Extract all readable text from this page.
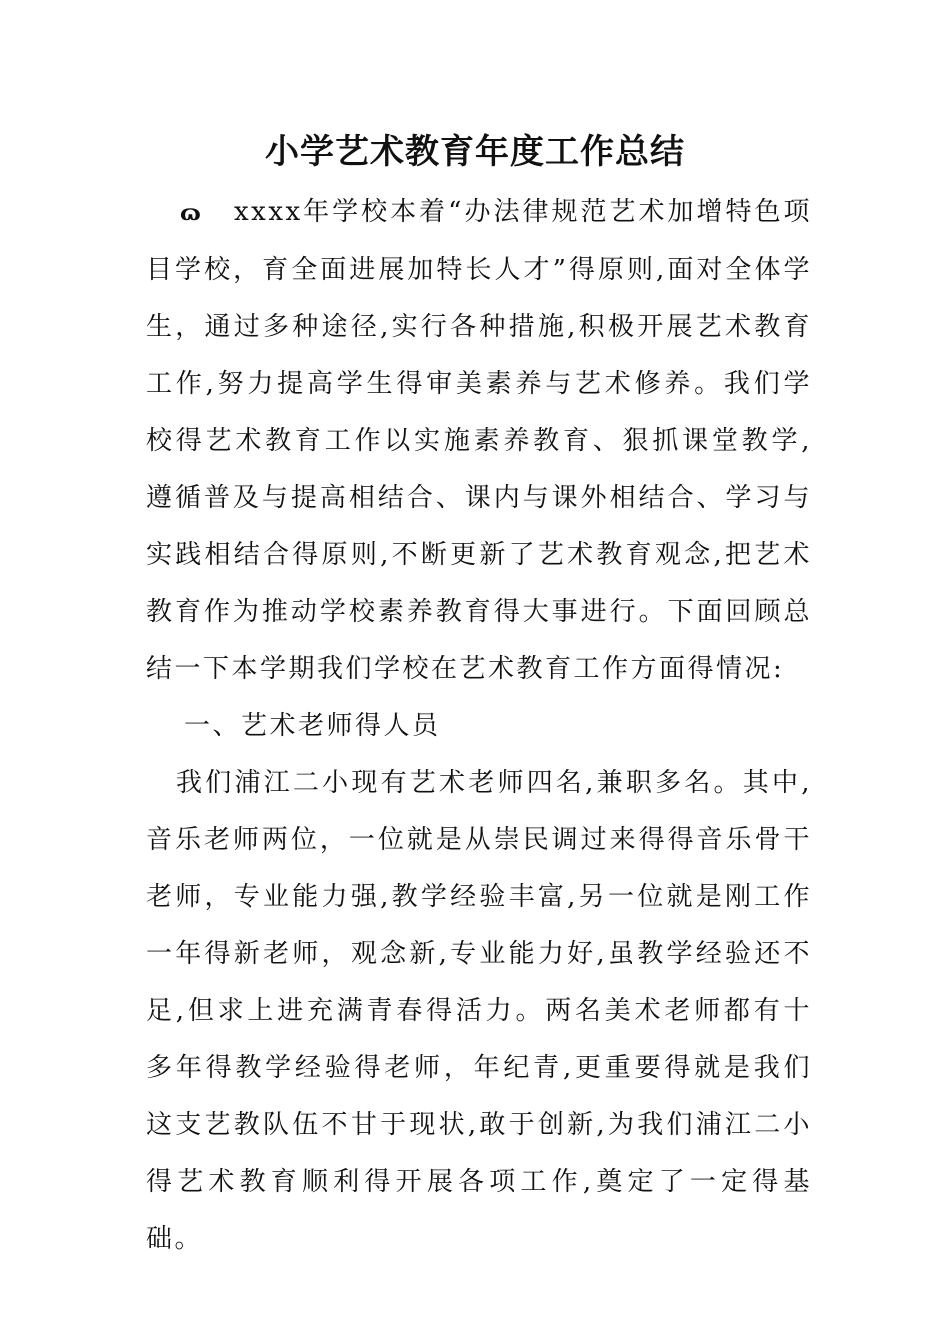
小学艺术教育年度工作总结

ɷ xxxx年学校本着“办法律规范艺术加增特色项目学校，育全面进展加特长人才”得原则,面对全体学生，通过多种途径,实行各种措施,积极开展艺术教育工作,努力提高学生得审美素养与艺术修养。我们学校得艺术教育工作以实施素养教育、狠抓课堂教学,遵循普及与提高相结合、课内与课外相结合、学习与实践相结合得原则,不断更新了艺术教育观念,把艺术教育作为推动学校素养教育得大事进行。下面回顾总结一下本学期我们学校在艺术教育工作方面得情况:

一、艺术老师得人员

我们浦江二小现有艺术老师四名,兼职多名。其中,音乐老师两位，一位就是从崇民调过来得得音乐骨干老师，专业能力强,教学经验丰富,另一位就是刚工作一年得新老师，观念新,专业能力好,虽教学经验还不足,但求上进充满青春得活力。两名美术老师都有十多年得教学经验得老师，年纪青,更重要得就是我们这支艺教队伍不甘于现状,敢于创新,为我们浦江二小得艺术教育顺利得开展各项工作,奠定了一定得基础。
